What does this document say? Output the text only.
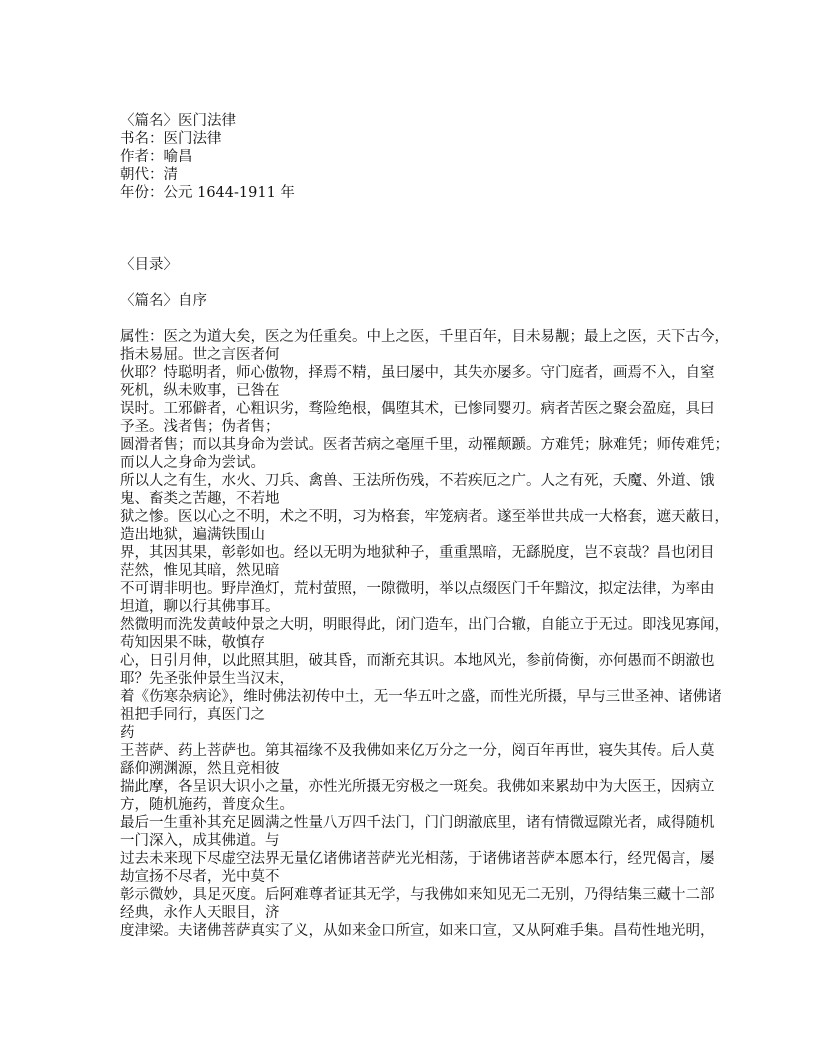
〈篇名〉医门法律
书名：医门法律
作者：喻昌
朝代：清
年份：公元 1644-1911 年
〈目录〉
〈篇名〉自序
属性：医之为道大矣，医之为任重矣。中上之医，千里百年，目未易觏；最上之医，天下古今，
指未易屈。世之言医者何
伙耶？恃聪明者，师心傲物，择焉不精，虽曰屡中，其失亦屡多。守门庭者，画焉不入，自窒
死机，纵未败事，已咎在
误时。工邪僻者，心粗识劣，骛险绝根，偶堕其术，已惨同婴刃。病者苦医之聚会盈庭，具曰
予圣。浅者售；伪者售；
圆滑者售；而以其身命为尝试。医者苦病之毫厘千里，动罹颠踬。方难凭；脉难凭；师传难凭；
而以人之身命为尝试。
所以人之有生，水火、刀兵、禽兽、王法所伤残，不若疾厄之广。人之有死，夭魔、外道、饿
鬼、畜类之苦趣，不若地
狱之惨。医以心之不明，术之不明，习为格套，牢笼病者。遂至举世共成一大格套，遮天蔽日，
造出地狱，遍满铁围山
界，其因其果，彰彰如也。经以无明为地狱种子，重重黑暗，无繇脱度，岂不哀哉？昌也闭目
茫然，惟见其暗，然见暗
不可谓非明也。野岸渔灯，荒村萤照，一隙微明，举以点缀医门千年黯汶，拟定法律，为率由
坦道，聊以行其佛事耳。
然微明而洗发黄岐仲景之大明，明眼得此，闭门造车，出门合辙，自能立于无过。即浅见寡闻，
苟知因果不昧，敬慎存
心，日引月伸，以此照其胆，破其昏，而渐充其识。本地风光，参前倚衡，亦何愚而不朗澈也
耶？先圣张仲景生当汉末，
着《伤寒杂病论》，维时佛法初传中土，无一华五叶之盛，而性光所摄，早与三世圣神、诸佛诸
祖把手同行，真医门之
药
王菩萨、药上菩萨也。第其福缘不及我佛如来亿万分之一分，阅百年再世，寝失其传。后人莫
繇仰溯渊源，然且竞相彼
揣此摩，各呈识大识小之量，亦性光所摄无穷极之一斑矣。我佛如来累劫中为大医王，因病立
方，随机施药，普度众生。
最后一生重补其充足圆满之性量八万四千法门，门门朗澈底里，诸有情微逗隙光者，咸得随机
一门深入，成其佛道。与
过去未来现下尽虚空法界无量亿诸佛诸菩萨光光相荡，于诸佛诸菩萨本愿本行，经咒偈言，屡
劫宣扬不尽者，光中莫不
彰示微妙，具足灭度。后阿难尊者证其无学，与我佛如来知见无二无别，乃得结集三藏十二部
经典，永作人天眼目，济
度津梁。夫诸佛菩萨真实了义，从如来金口所宣，如来口宣，又从阿难手集。昌苟性地光明，
